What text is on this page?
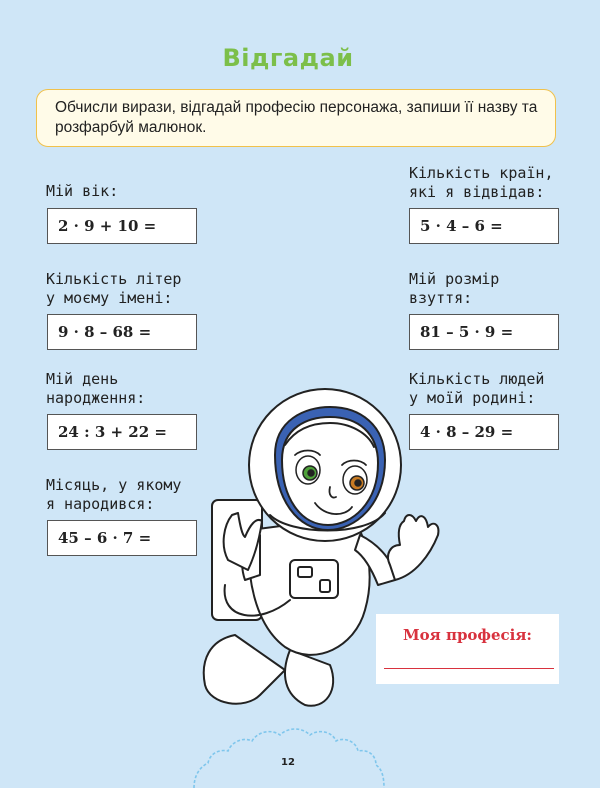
Відгадай
Обчисли вирази, відгадай професію персонажа, запиши її назву та розфарбуй малюнок.
Мій вік:
2 · 9 + 10 =
Кількість літер
у моєму імені:
9 · 8 – 68 =
Мій день
народження:
24 : 3 + 22 =
Місяць, у якому
я народився:
45 – 6 · 7 =
Кількість країн,
які я відвідав:
5 · 4 – 6 =
Мій розмір
взуття:
81 – 5 · 9 =
Кількість людей
у моїй родині:
4 · 8 – 29 =
Моя професія:
12
